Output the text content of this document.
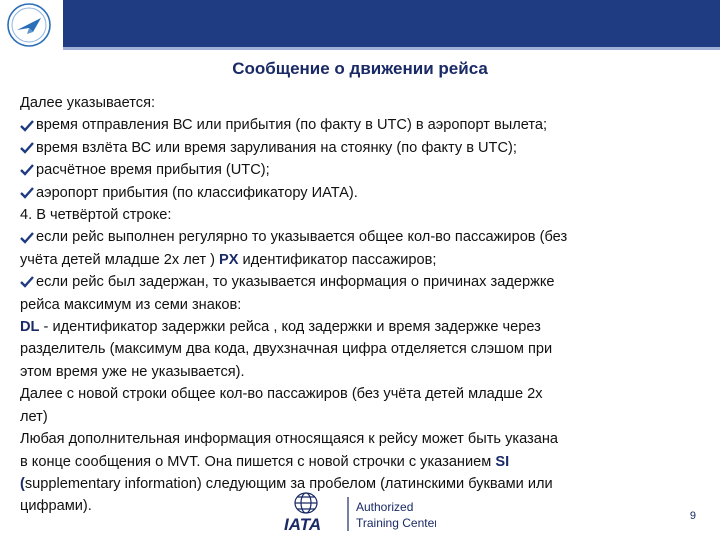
Сообщение о движении рейса
Далее указывается:
время отправления ВС или прибытия (по факту в UTC) в аэропорт вылета;
время взлёта ВС или время заруливания на стоянку (по факту в UTC);
расчётное время прибытия (UTC);
аэропорт прибытия (по классификатору ИАТА).
4. В четвёртой строке:
если рейс выполнен регулярно то указывается общее кол-во пассажиров (без
учёта детей младше 2х лет ) PX идентификатор пассажиров;
если рейс был задержан, то указывается информация о причинах задержке
рейса максимум из семи знаков:
DL - идентификатор задержки рейса , код задержки и время задержке через
разделитель (максимум два кода, двухзначная цифра отделяется слэшом при
этом время уже не указывается).
Далее с новой строки общее кол-во пассажиров (без учёта детей младше 2х
лет)
Любая дополнительная информация относящаяся к рейсу может быть указана
в конце сообщения о MVT. Она пишется с новой строчки с указанием SI
(supplementary information) следующим за пробелом (латинскими буквами или
цифрами).
IATA
Authorized
Training Center	9
